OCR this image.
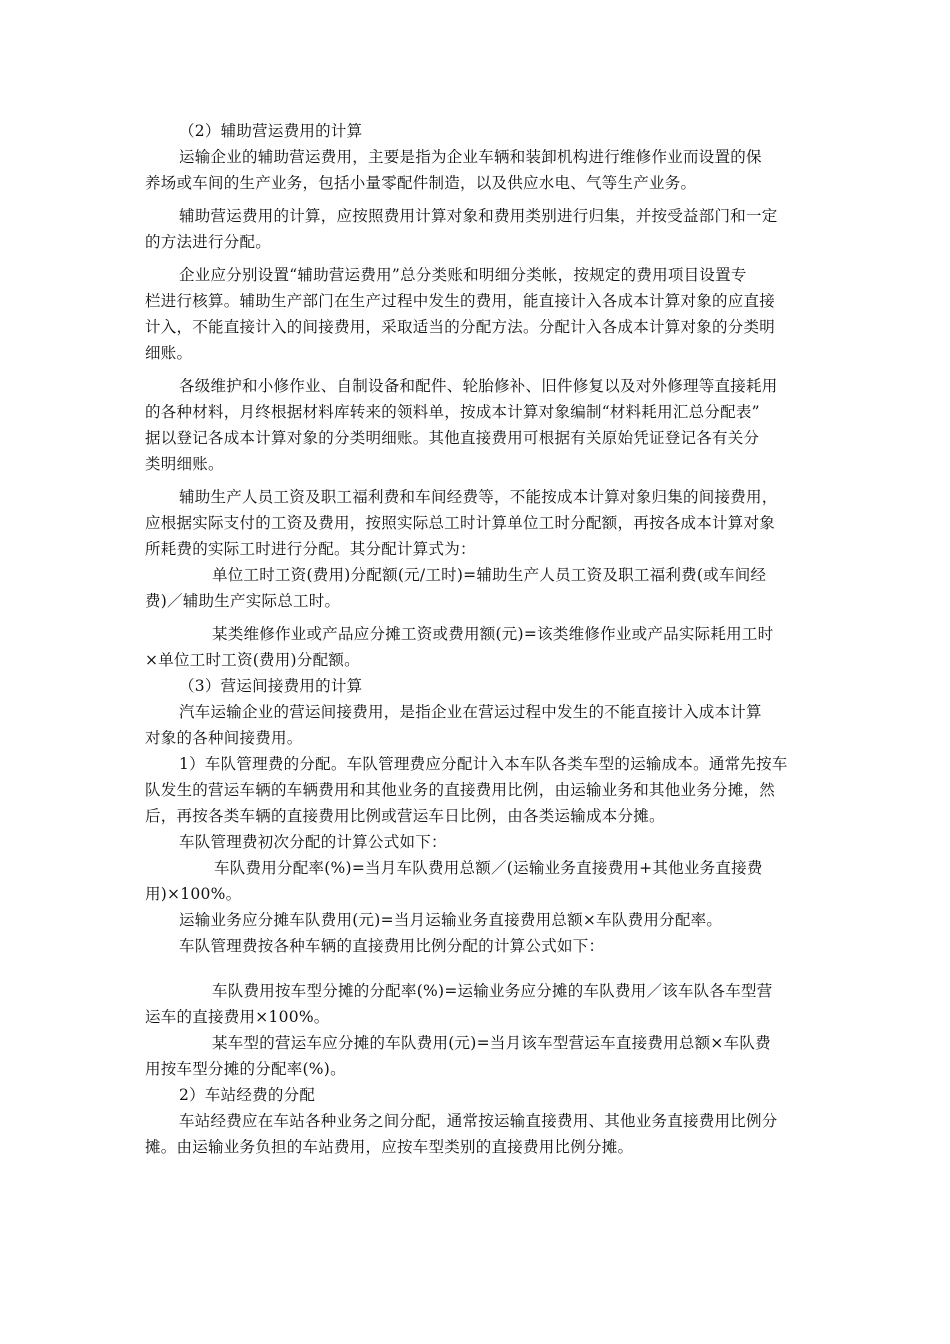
（2）辅助营运费用的计算
运输企业的辅助营运费用，主要是指为企业车辆和装卸机构进行维修作业而设置的保
养场或车间的生产业务，包括小量零配件制造，以及供应水电、气等生产业务。
辅助营运费用的计算，应按照费用计算对象和费用类别进行归集，并按受益部门和一定
的方法进行分配。
企业应分别设置“辅助营运费用”总分类账和明细分类帐，按规定的费用项目设置专
栏进行核算。辅助生产部门在生产过程中发生的费用，能直接计入各成本计算对象的应直接
计入，不能直接计入的间接费用，采取适当的分配方法。分配计入各成本计算对象的分类明
细账。
各级维护和小修作业、自制设备和配件、轮胎修补、旧件修复以及对外修理等直接耗用
的各种材料，月终根据材料库转来的领料单，按成本计算对象编制“材料耗用汇总分配表”
据以登记各成本计算对象的分类明细账。其他直接费用可根据有关原始凭证登记各有关分
类明细账。
辅助生产人员工资及职工福利费和车间经费等，不能按成本计算对象归集的间接费用，
应根据实际支付的工资及费用，按照实际总工时计算单位工时分配额，再按各成本计算对象
所耗费的实际工时进行分配。其分配计算式为：
单位工时工资(费用)分配额(元/工时)=辅助生产人员工资及职工福利费(或车间经
费)／辅助生产实际总工时。
某类维修作业或产品应分摊工资或费用额(元)=该类维修作业或产品实际耗用工时
×单位工时工资(费用)分配额。
（3）营运间接费用的计算
汽车运输企业的营运间接费用，是指企业在营运过程中发生的不能直接计入成本计算
对象的各种间接费用。
1）车队管理费的分配。车队管理费应分配计入本车队各类车型的运输成本。通常先按车
队发生的营运车辆的车辆费用和其他业务的直接费用比例，由运输业务和其他业务分摊，然
后，再按各类车辆的直接费用比例或营运车日比例，由各类运输成本分摊。
车队管理费初次分配的计算公式如下：
车队费用分配率(%)=当月车队费用总额／(运输业务直接费用+其他业务直接费
用)×100%。
运输业务应分摊车队费用(元)=当月运输业务直接费用总额×车队费用分配率。
车队管理费按各种车辆的直接费用比例分配的计算公式如下：
车队费用按车型分摊的分配率(%)=运输业务应分摊的车队费用／该车队各车型营
运车的直接费用×100%。
某车型的营运车应分摊的车队费用(元)=当月该车型营运车直接费用总额×车队费
用按车型分摊的分配率(%)。
2）车站经费的分配
车站经费应在车站各种业务之间分配，通常按运输直接费用、其他业务直接费用比例分
摊。由运输业务负担的车站费用，应按车型类别的直接费用比例分摊。
